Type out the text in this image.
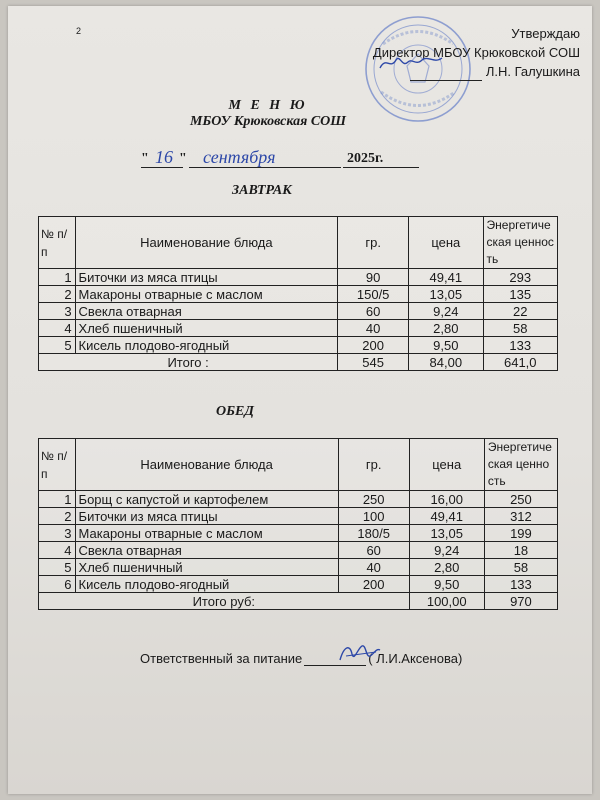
2	Утверждаю
Директор МБОУ Крюковской СОШ
Л.Н. Галушкина
М Е Н Ю
МБОУ Крюковская СОШ
" 16 " сентября	2025г.
ЗАВТРАК
№ п/п	Наименование блюда	гр.	цена	Энергетическая ценность
1	Биточки из мяса птицы	90	49,41	293
2	Макароны отварные с маслом	150/5	13,05	135
3	Свекла отварная	60	9,24	22
4	Хлеб пшеничный	40	2,80	58
5	Кисель плодово-ягодный	200	9,50	133
Итого :		545	84,00	641,0
ОБЕД
№ п/п	Наименование блюда	гр.	цена	Энергетическая ценность
1	Борщ с капустой и картофелем	250	16,00	250
2	Биточки из мяса птицы	100	49,41	312
3	Макароны отварные с маслом	180/5	13,05	199
4	Свекла отварная	60	9,24	18
5	Хлеб пшеничный	40	2,80	58
6	Кисель плодово-ягодный	200	9,50	133
Итого руб:			100,00	970
Ответственный за питание	( Л.И.Аксенова)
